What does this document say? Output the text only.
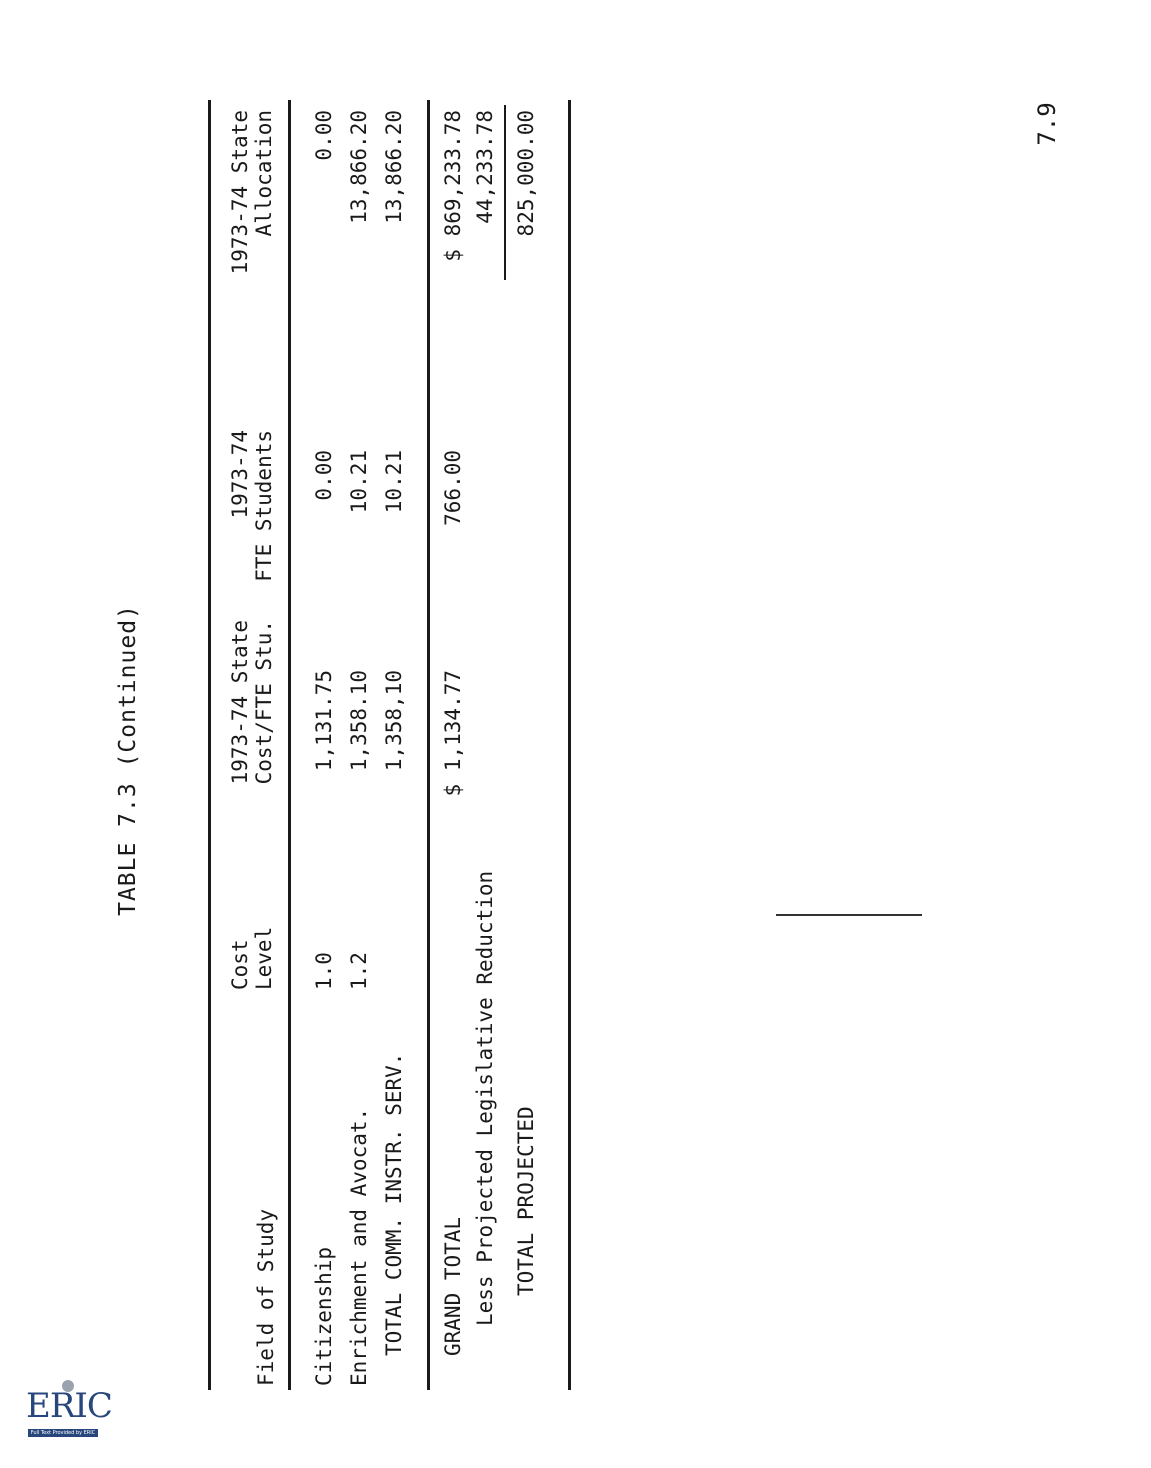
TABLE 7.3 (Continued)
Field of Study
Cost Level
1973-74 State Cost/FTE Stu.
1973-74 FTE Students
1973-74 State Allocation
Citizenship
1.0
1,131.75
0.00
0.00
Enrichment and Avocat.
1.2
1,358.10
10.21
13,866.20
TOTAL COMM. INSTR. SERV.
1,358,10
10.21
13,866.20
GRAND TOTAL
$ 1,134.77
766.00
$ 869,233.78
Less Projected Legislative Reduction
44,233.78
TOTAL PROJECTED
825,000.00	7.9
ERIC
Full Text Provided by ERIC
